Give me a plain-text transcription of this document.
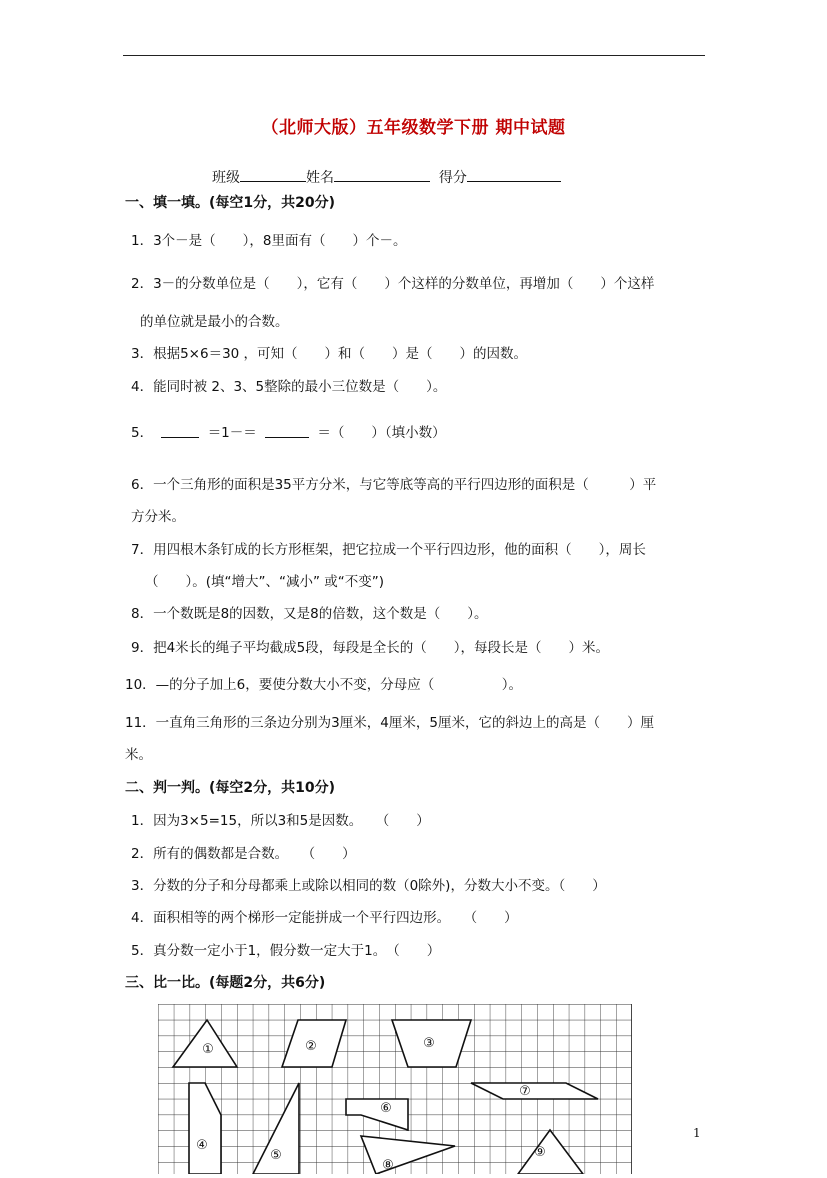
（北师大版）五年级数学下册 期中试题
班级	姓名	得分
一、填一填。(每空1分，共20分)
1．3个－是（　　），8里面有（　　）个－。
2．3－的分数单位是（　　），它有（　　）个这样的分数单位，再增加（　　）个这样
的单位就是最小的合数。
3．根据5×6＝30 ，可知（　　）和（　　）是（　　）的因数。
4．能同时被 2、3、5整除的最小三位数是（　　）。
5．	＝1－＝	＝（　　）（填小数）
6．一个三角形的面积是35平方分米，与它等底等高的平行四边形的面积是（　　　）平
方分米。
7．用四根木条钉成的长方形框架，把它拉成一个平行四边形，他的面积（　　），周长
（　　）。(填“增大”、“减小” 或“不变”)
8．一个数既是8的因数，又是8的倍数，这个数是（　　）。
9．把4米长的绳子平均截成5段，每段是全长的（　　），每段长是（　　）米。
10．—的分子加上6，要使分数大小不变，分母应（　　　　　）。
11．一直角三角形的三条边分别为3厘米，4厘米，5厘米，它的斜边上的高是（　　）厘
米。
二、判一判。(每空2分，共10分)
1．因为3×5=15，所以3和5是因数。　　（　　）
2．所有的偶数都是合数。　　（　　）
3．分数的分子和分母都乘上或除以相同的数（0除外)，分数大小不变。（　　）
4．面积相等的两个梯形一定能拼成一个平行四边形。　　（　　）
5．真分数一定小于1，假分数一定大于1。　（　　）
三、比一比。(每题2分，共6分)
①	②	③
④
⑤
⑥
⑦
⑧
⑨
1
